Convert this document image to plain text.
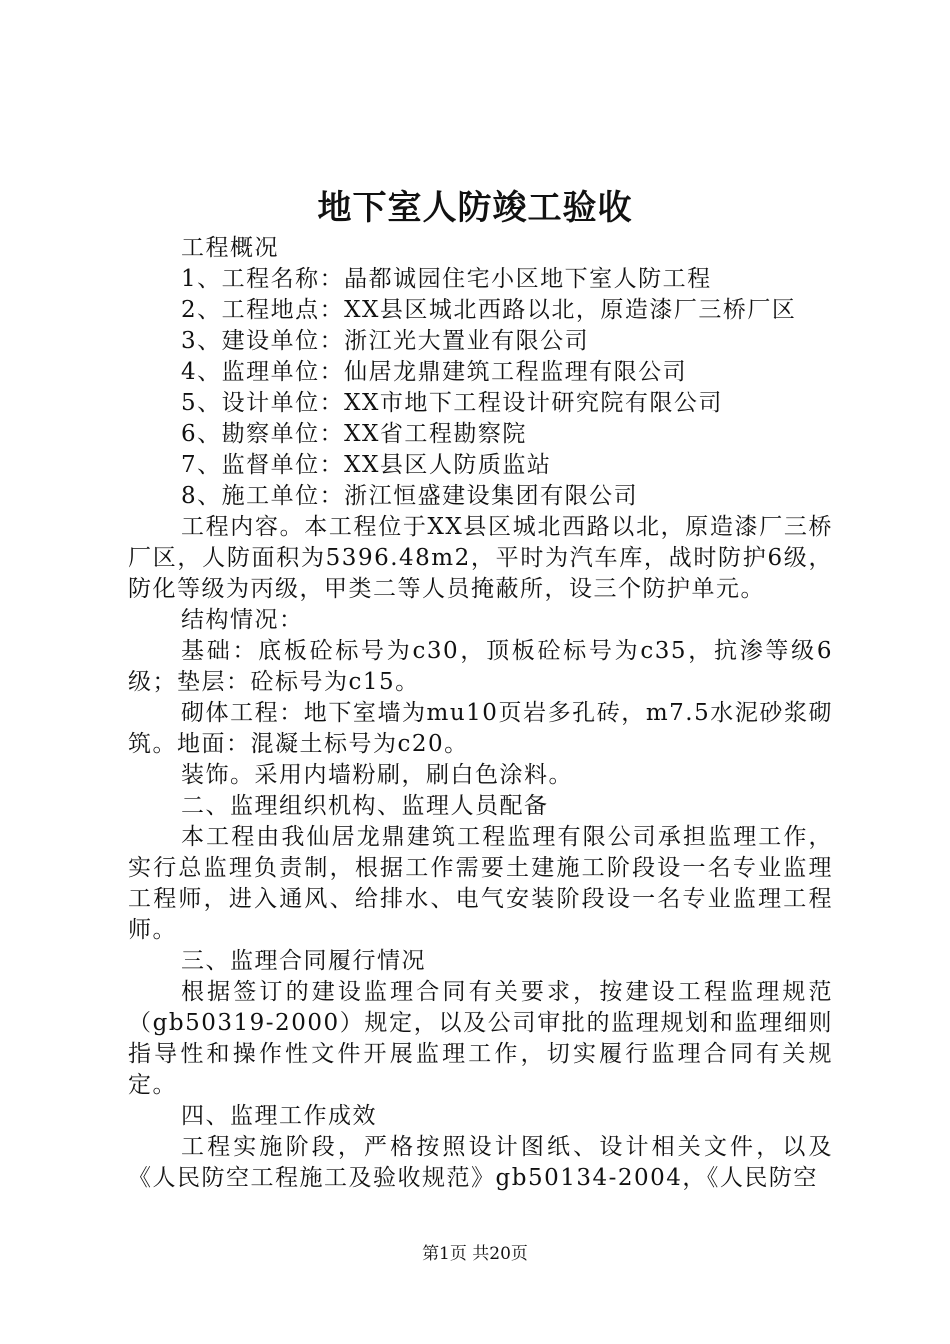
地下室人防竣工验收

工程概况

1、工程名称：晶都诚园住宅小区地下室人防工程

2、工程地点：XX县区城北西路以北，原造漆厂三桥厂区

3、建设单位：浙江光大置业有限公司

4、监理单位：仙居龙鼎建筑工程监理有限公司

5、设计单位：XX市地下工程设计研究院有限公司

6、勘察单位：XX省工程勘察院

7、监督单位：XX县区人防质监站

8、施工单位：浙江恒盛建设集团有限公司

工程内容。本工程位于XX县区城北西路以北，原造漆厂三桥厂区，人防面积为5396.48m2，平时为汽车库，战时防护6级，防化等级为丙级，甲类二等人员掩蔽所，设三个防护单元。

结构情况：

基础：底板砼标号为c30，顶板砼标号为c35，抗渗等级6级；垫层：砼标号为c15。

砌体工程：地下室墙为mu10页岩多孔砖，m7.5水泥砂浆砌筑。地面：混凝土标号为c20。

装饰。采用内墙粉刷，刷白色涂料。

二、监理组织机构、监理人员配备

本工程由我仙居龙鼎建筑工程监理有限公司承担监理工作，实行总监理负责制，根据工作需要土建施工阶段设一名专业监理工程师，进入通风、给排水、电气安装阶段设一名专业监理工程师。

三、监理合同履行情况

根据签订的建设监理合同有关要求，按建设工程监理规范（gb50319-2000）规定，以及公司审批的监理规划和监理细则指导性和操作性文件开展监理工作，切实履行监理合同有关规定。

四、监理工作成效

工程实施阶段，严格按照设计图纸、设计相关文件，以及《人民防空工程施工及验收规范》gb50134-2004，《人民防空

第1页 共20页
